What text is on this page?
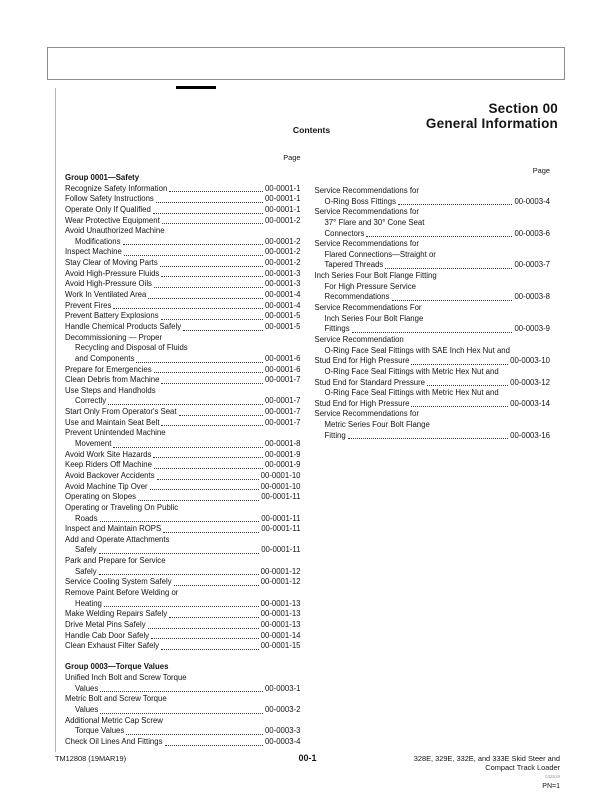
Section 00
General Information
Contents
Page
Group 0001—Safety
Recognize Safety Information	00-0001-1
Follow Safety Instructions	00-0001-1
Operate Only If Qualified	00-0001-1
Wear Protective Equipment	00-0001-2
Avoid Unauthorized Machine
Modifications	00-0001-2
Inspect Machine	00-0001-2
Stay Clear of Moving Parts	00-0001-2
Avoid High-Pressure Fluids	00-0001-3
Avoid High-Pressure Oils	00-0001-3
Work In Ventilated Area	00-0001-4
Prevent Fires	00-0001-4
Prevent Battery Explosions	00-0001-5
Handle Chemical Products Safely	00-0001-5
Decommissioning — Proper
Recycling and Disposal of Fluids
and Components	00-0001-6
Prepare for Emergencies	00-0001-6
Clean Debris from Machine	00-0001-7
Use Steps and Handholds
Correctly	00-0001-7
Start Only From Operator's Seat	00-0001-7
Use and Maintain Seat Belt	00-0001-7
Prevent Unintended Machine
Movement	00-0001-8
Avoid Work Site Hazards	00-0001-9
Keep Riders Off Machine	00-0001-9
Avoid Backover Accidents	00-0001-10
Avoid Machine Tip Over	00-0001-10
Operating on Slopes	00-0001-11
Operating or Traveling On Public
Roads	00-0001-11
Inspect and Maintain ROPS	00-0001-11
Add and Operate Attachments
Safely	00-0001-11
Park and Prepare for Service
Safely	00-0001-12
Service Cooling System Safely	00-0001-12
Remove Paint Before Welding or
Heating	00-0001-13
Make Welding Repairs Safely	00-0001-13
Drive Metal Pins Safely	00-0001-13
Handle Cab Door Safely	00-0001-14
Clean Exhaust Filter Safely	00-0001-15
Group 0003—Torque Values
Unified Inch Bolt and Screw Torque
Values	00-0003-1
Metric Bolt and Screw Torque
Values	00-0003-2
Additional Metric Cap Screw
Torque Values	00-0003-3
Check Oil Lines And Fittings	00-0003-4
Page
Service Recommendations for
O-Ring Boss Fittings	00-0003-4
Service Recommendations for
37° Flare and 30° Cone Seat
Connectors	00-0003-6
Service Recommendations for
Flared Connections—Straight or
Tapered Threads	00-0003-7
Inch Series Four Bolt Flange Fitting
For High Pressure Service
Recommendations	00-0003-8
Service Recommendations For
Inch Series Four Bolt Flange
Fittings	00-0003-9
Service Recommendation
O-Ring Face Seal Fittings with SAE Inch Hex Nut and
Stud End for High Pressure	00-0003-10
O-Ring Face Seal Fittings with Metric Hex Nut and
Stud End for Standard Pressure	00-0003-12
O-Ring Face Seal Fittings with Metric Hex Nut and
Stud End for High Pressure	00-0003-14
Service Recommendations for
Metric Series Four Bolt Flange
Fitting	00-0003-16
TM12808 (19MAR19)	00-1	328E, 329E, 332E, and 333E Skid Steer and
Compact Track Loader
032619
PN=1
